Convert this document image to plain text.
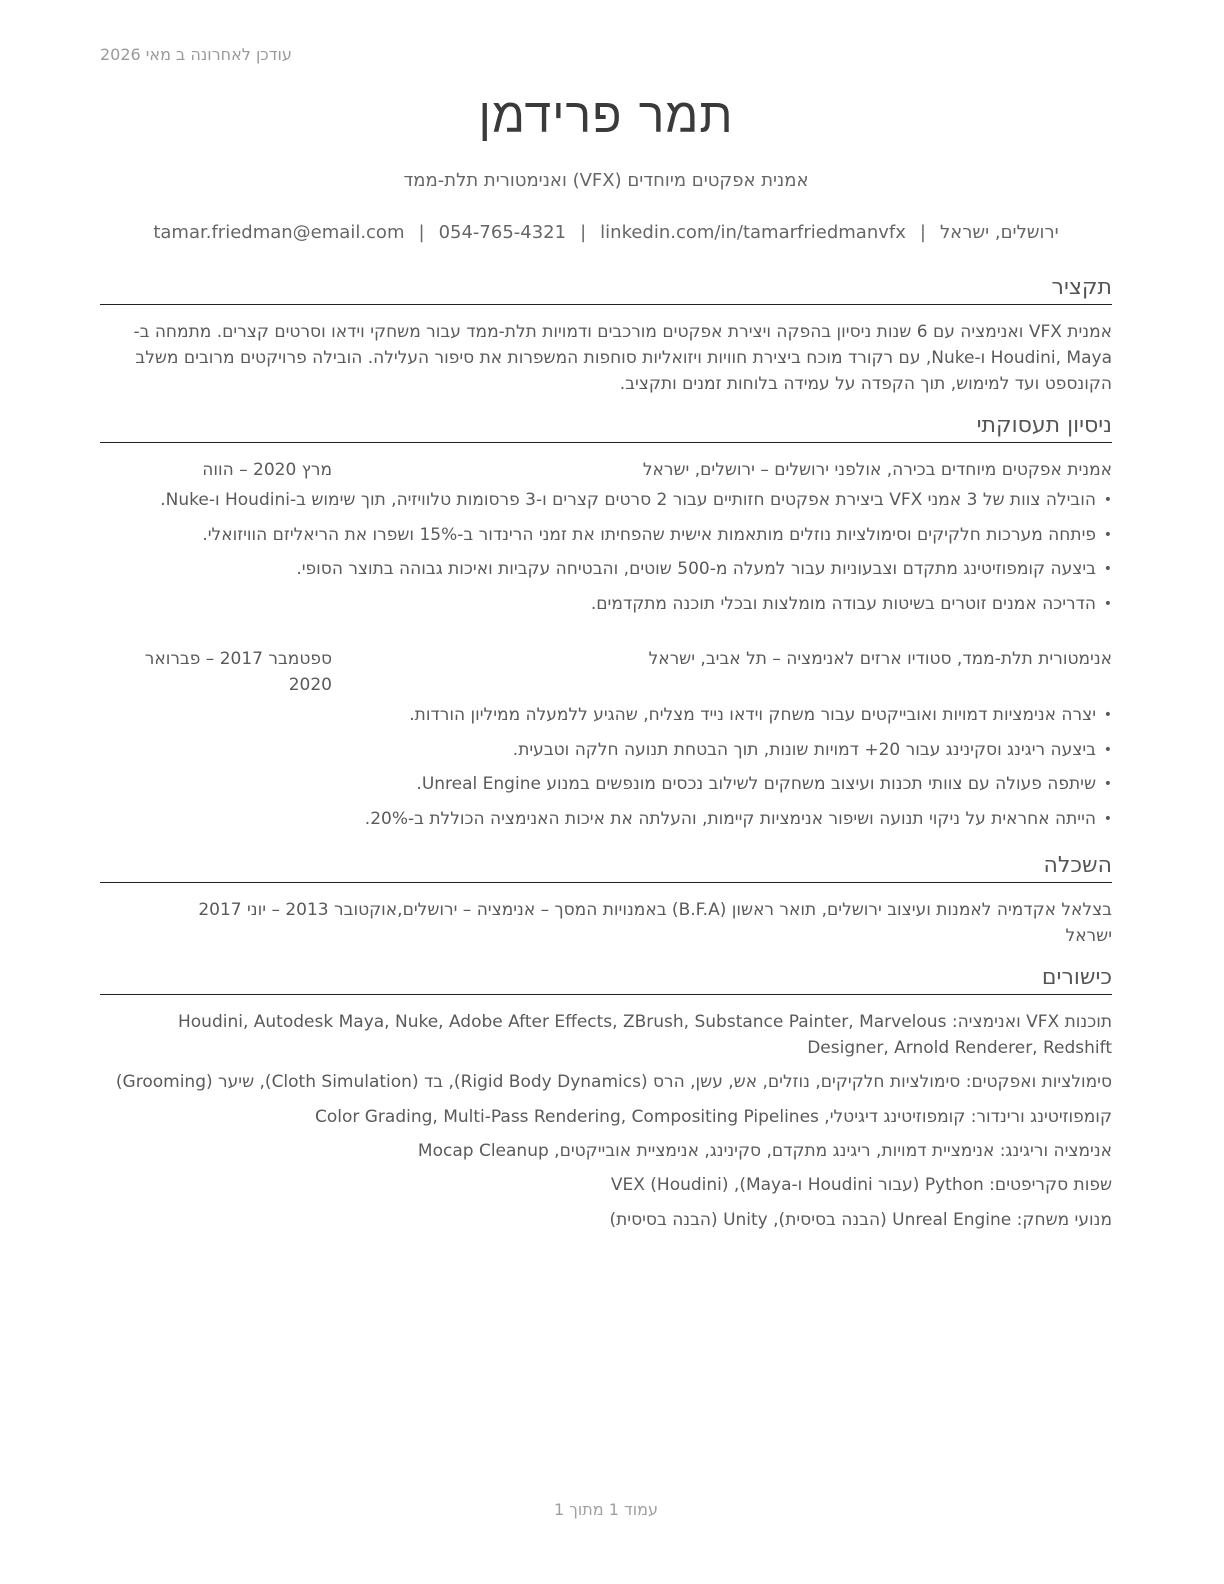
עודכן לאחרונה ב מאי 2026
תמר פרידמן
אמנית אפקטים מיוחדים (VFX) ואנימטורית תלת-ממד
ירושלים, ישראל|tamar.friedman@email.com | 054-765-4321 | linkedin.com/in/tamarfriedmanvfx
תקציר
אמנית VFX ואנימציה עם 6 שנות ניסיון בהפקה ויצירת אפקטים מורכבים ודמויות תלת-ממד עבור משחקי וידאו וסרטים קצרים. מתמחה ב-Houdini, Maya ו-Nuke, עם רקורד מוכח ביצירת חוויות ויזואליות סוחפות המשפרות את סיפור העלילה. הובילה פרויקטים מרובים משלב הקונספט ועד למימוש, תוך הקפדה על עמידה בלוחות זמנים ותקציב.
ניסיון תעסוקתי
אמנית אפקטים מיוחדים בכירה, אולפני ירושלים – ירושלים, ישראל
מרץ 2020 – הווה
• הובילה צוות של 3 אמני VFX ביצירת אפקטים חזותיים עבור 2 סרטים קצרים ו-3 פרסומות טלוויזיה, תוך שימוש ב-Houdini ו-Nuke.
• פיתחה מערכות חלקיקים וסימולציות נוזלים מותאמות אישית שהפחיתו את זמני הרינדור ב-15% ושפרו את הריאליזם הוויזואלי.
• ביצעה קומפוזיטינג מתקדם וצבעוניות עבור למעלה מ-500 שוטים, והבטיחה עקביות ואיכות גבוהה בתוצר הסופי.
• הדריכה אמנים זוטרים בשיטות עבודה מומלצות ובכלי תוכנה מתקדמים.
אנימטורית תלת-ממד, סטודיו ארזים לאנימציה – תל אביב, ישראל
ספטמבר 2017 – פברואר
2020
• יצרה אנימציות דמויות ואובייקטים עבור משחק וידאו נייד מצליח, שהגיע ללמעלה ממיליון הורדות.
• ביצעה ריגינג וסקינינג עבור 20+ דמויות שונות, תוך הבטחת תנועה חלקה וטבעית.
• שיתפה פעולה עם צוותי תכנות ועיצוב משחקים לשילוב נכסים מונפשים במנוע Unreal Engine.
• הייתה אחראית על ניקוי תנועה ושיפור אנימציות קיימות, והעלתה את איכות האנימציה הכוללת ב-20%.
השכלה
בצלאל אקדמיה לאמנות ועיצוב ירושלים, תואר ראשון (B.F.A) באמנויות המסך – אנימציה – ירושלים,אוקטובר 2013 – יוני 2017
ישראל
כישורים
תוכנות VFX ואנימציה: Houdini, Autodesk Maya, Nuke, Adobe After Effects, ZBrush, Substance Painter, Marvelous Designer, Arnold Renderer, Redshift
סימולציות ואפקטים: סימולציות חלקיקים, נוזלים, אש, עשן, הרס (Rigid Body Dynamics), בד (Cloth Simulation), שיער (Grooming)
קומפוזיטינג ורינדור: קומפוזיטינג דיגיטלי, Color Grading, Multi-Pass Rendering, Compositing Pipelines
אנימציה וריגינג: אנימציית דמויות, ריגינג מתקדם, סקינינג, אנימציית אובייקטים, Mocap Cleanup
שפות סקריפטים: Python (עבור Houdini ו-Maya), VEX (Houdini)
מנועי משחק: Unreal Engine (הבנה בסיסית), Unity (הבנה בסיסית)
עמוד 1 מתוך 1
